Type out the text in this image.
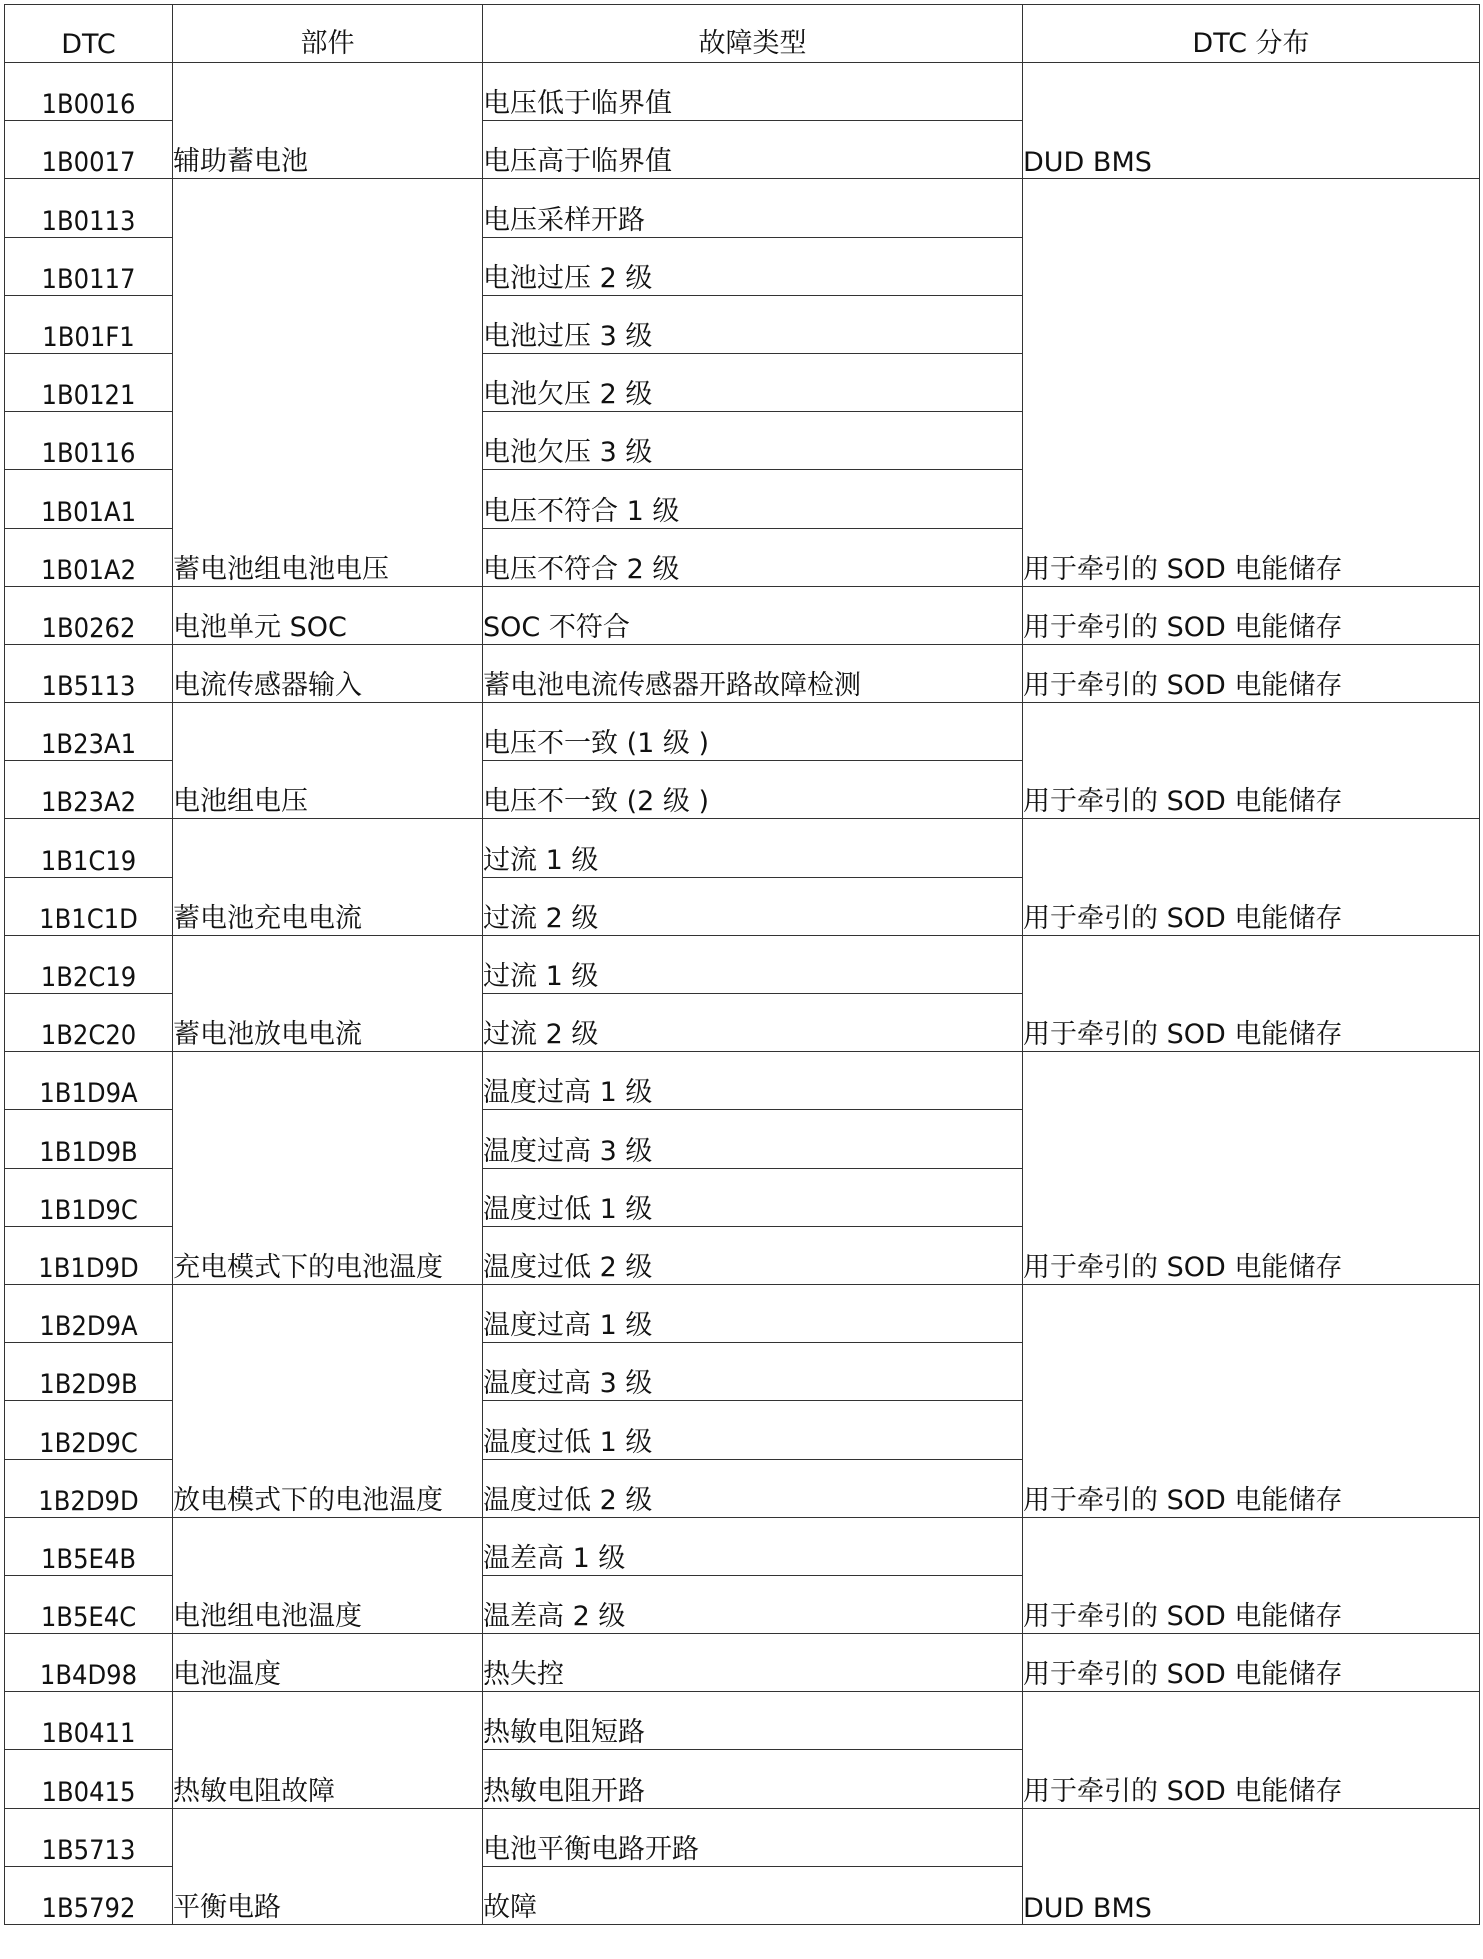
DTC	部件	故障类型	DTC 分布
1B0016	辅助蓄电池	电压低于临界值	DUD BMS
1B0017		电压高于临界值	
1B0113	蓄电池组电池电压	电压采样开路	用于牵引的 SOD 电能储存
1B0117		电池过压 2 级	
1B01F1		电池过压 3 级	
1B0121		电池欠压 2 级	
1B0116		电池欠压 3 级	
1B01A1		电压不符合 1 级	
1B01A2		电压不符合 2 级	
1B0262	电池单元 SOC	SOC 不符合	用于牵引的 SOD 电能储存
1B5113	电流传感器输入	蓄电池电流传感器开路故障检测	用于牵引的 SOD 电能储存
1B23A1	电池组电压	电压不一致 (1 级 )	用于牵引的 SOD 电能储存
1B23A2		电压不一致 (2 级 )	
1B1C19	蓄电池充电电流	过流 1 级	用于牵引的 SOD 电能储存
1B1C1D		过流 2 级	
1B2C19	蓄电池放电电流	过流 1 级	用于牵引的 SOD 电能储存
1B2C20		过流 2 级	
1B1D9A	充电模式下的电池温度	温度过高 1 级	用于牵引的 SOD 电能储存
1B1D9B		温度过高 3 级	
1B1D9C		温度过低 1 级	
1B1D9D		温度过低 2 级	
1B2D9A	放电模式下的电池温度	温度过高 1 级	用于牵引的 SOD 电能储存
1B2D9B		温度过高 3 级	
1B2D9C		温度过低 1 级	
1B2D9D		温度过低 2 级	
1B5E4B	电池组电池温度	温差高 1 级	用于牵引的 SOD 电能储存
1B5E4C		温差高 2 级	
1B4D98	电池温度	热失控	用于牵引的 SOD 电能储存
1B0411	热敏电阻故障	热敏电阻短路	用于牵引的 SOD 电能储存
1B0415		热敏电阻开路	
1B5713	平衡电路	电池平衡电路开路	DUD BMS
1B5792		故障	
